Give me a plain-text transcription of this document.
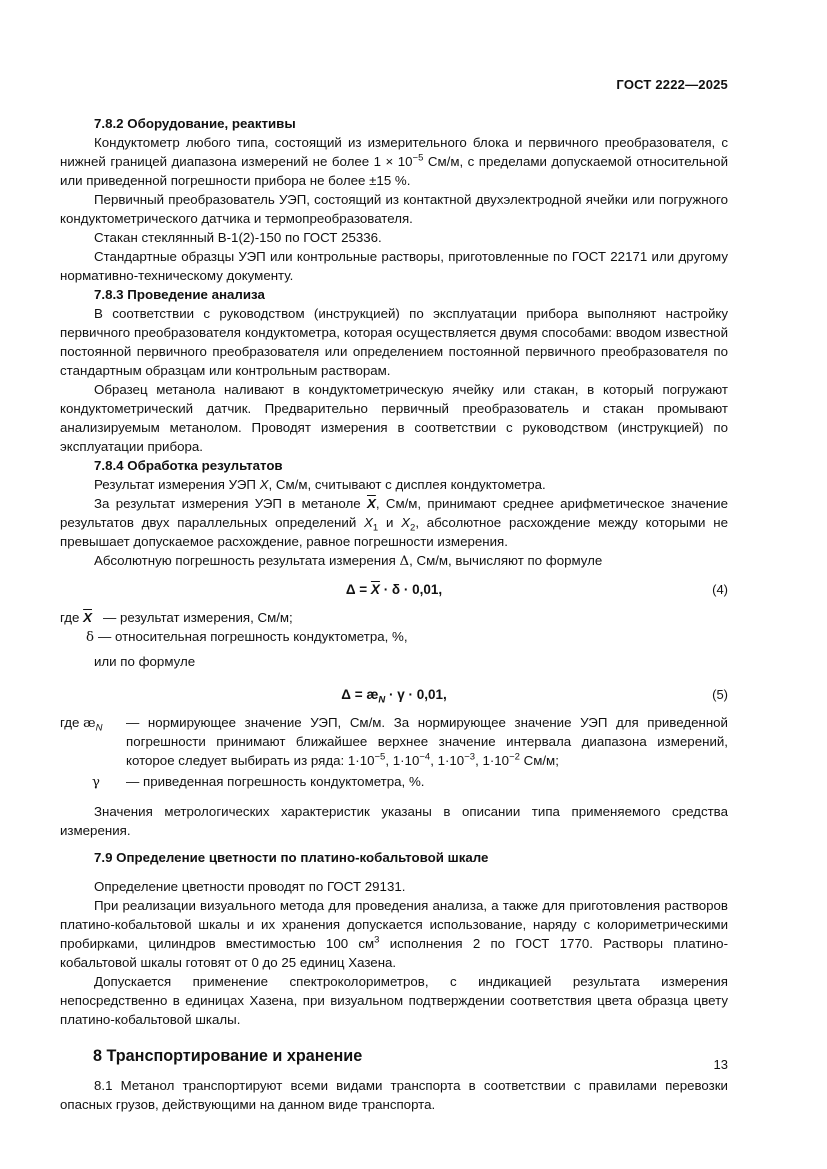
ГОСТ 2222—2025
7.8.2 Оборудование, реактивы

Кондуктометр любого типа, состоящий из измерительного блока и первичного преобразователя, с нижней границей диапазона измерений не более $1 \times 10^{-5}$ См/м, с пределами допускаемой относительной или приведенной погрешности прибора не более ±15 %.

Первичный преобразователь УЭП, состоящий из контактной двухэлектродной ячейки или погружного кондуктометрического датчика и термопреобразователя.

Стакан стеклянный В-1(2)-150 по ГОСТ 25336.

Стандартные образцы УЭП или контрольные растворы, приготовленные по ГОСТ 22171 или другому нормативно-техническому документу.

7.8.3 Проведение анализа

В соответствии с руководством (инструкцией) по эксплуатации прибора выполняют настройку первичного преобразователя кондуктометра, которая осуществляется двумя способами: вводом известной постоянной первичного преобразователя или определением постоянной первичного преобразователя по стандартным образцам или контрольным растворам.

Образец метанола наливают в кондуктометрическую ячейку или стакан, в который погружают кондуктометрический датчик. Предварительно первичный преобразователь и стакан промывают анализируемым метанолом. Проводят измерения в соответствии с руководством (инструкцией) по эксплуатации прибора.

7.8.4 Обработка результатов

Результат измерения УЭП X, См/м, считывают с дисплея кондуктометра.

За результат измерения УЭП в метаноле $\overline{X}$, См/м, принимают среднее арифметическое значение результатов двух параллельных определений $X_1$ и $X_2$, абсолютное расхождение между которыми не превышает допускаемое расхождение, равное погрешности измерения.

Абсолютную погрешность результата измерения Δ, См/м, вычисляют по формуле

$\Delta = \overline{X} \cdot \delta \cdot 0,01$,	(4)
где $\overline{X}$ — результат измерения, См/м;
δ — относительная погрешность кондуктометра, %,

или по формуле

$\Delta = æ_N \cdot \gamma \cdot 0,01$,	(5)
где $æ_N$	— нормирующее значение УЭП, См/м. За нормирующее значение УЭП для приведенной погрешности принимают ближайшее верхнее значение интервала диапазона измерений, которое следует выбирать из ряда: $1\cdot 10^{-5}$, $1\cdot 10^{-4}$, $1\cdot 10^{-3}$, $1\cdot 10^{-2}$ См/м;
γ	— приведенная погрешность кондуктометра, %.

Значения метрологических характеристик указаны в описании типа применяемого средства измерения.

7.9 Определение цветности по платино-кобальтовой шкале

Определение цветности проводят по ГОСТ 29131.

При реализации визуального метода для проведения анализа, а также для приготовления растворов платино-кобальтовой шкалы и их хранения допускается использование, наряду с колориметрическими пробирками, цилиндров вместимостью 100 $см^3$ исполнения 2 по ГОСТ 1770. Растворы платино-кобальтовой шкалы готовят от 0 до 25 единиц Хазена.

Допускается применение спектроколориметров, с индикацией результата измерения непосредственно в единицах Хазена, при визуальном подтверждении соответствия цвета образца цвету платино-кобальтовой шкалы.

8 Транспортирование и хранение

8.1 Метанол транспортируют всеми видами транспорта в соответствии с правилами перевозки опасных грузов, действующими на данном виде транспорта.

13
